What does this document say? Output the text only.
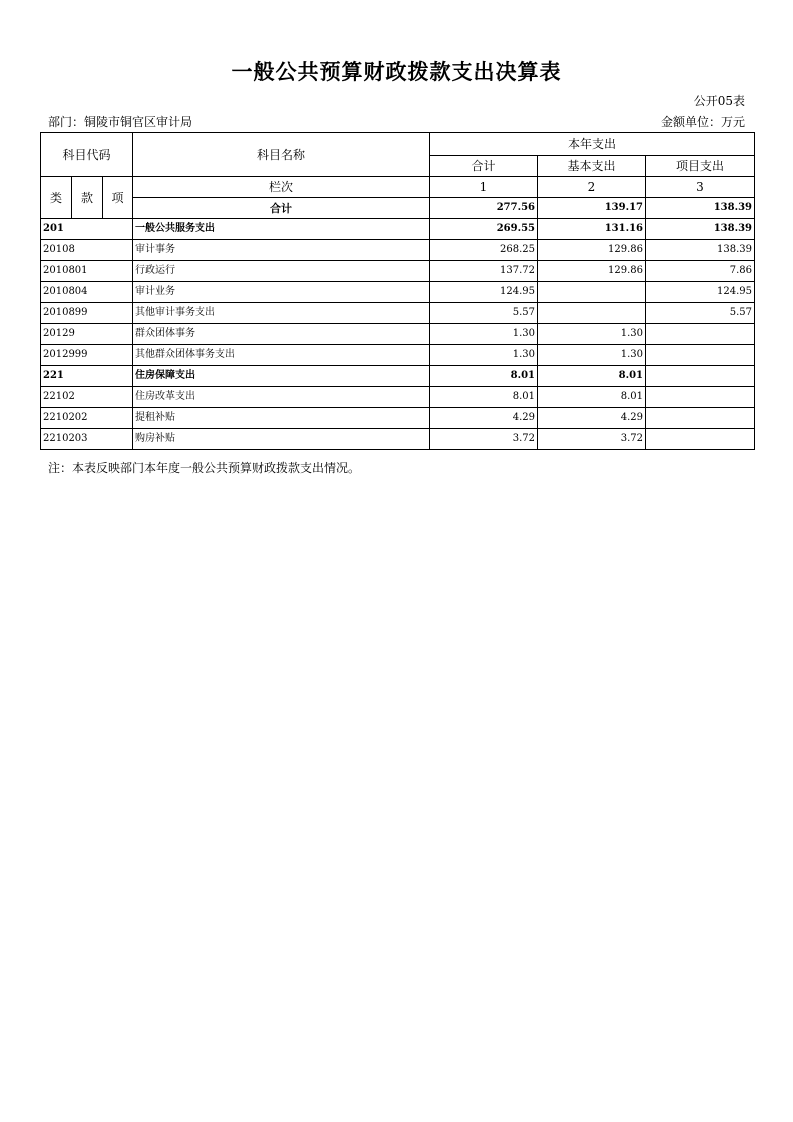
一般公共预算财政拨款支出决算表
公开05表
部门：铜陵市铜官区审计局	金额单位：万元
科目代码			科目名称	本年支出		
				合计	基本支出	项目支出
类	款	项	栏次	1	2	3
			合计	277.56	139.17	138.39
201			一般公共服务支出	269.55	131.16	138.39
20108			审计事务	268.25	129.86	138.39
2010801			行政运行	137.72	129.86	7.86
2010804			审计业务	124.95		124.95
2010899			其他审计事务支出	5.57		5.57
20129			群众团体事务	1.30	1.30	
2012999			其他群众团体事务支出	1.30	1.30	
221			住房保障支出	8.01	8.01	
22102			住房改革支出	8.01	8.01	
2210202			提租补贴	4.29	4.29	
2210203			购房补贴	3.72	3.72	
注：本表反映部门本年度一般公共预算财政拨款支出情况。
